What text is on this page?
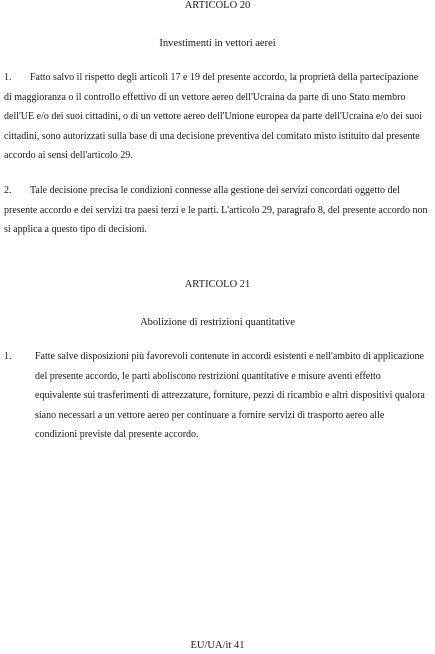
ARTICOLO 20
Investimenti in vettori aerei
1. Fatto salvo il rispetto degli articoli 17 e 19 del presente accordo, la proprietà della partecipazione di maggioranza o il controllo effettivo di un vettore aereo dell'Ucraina da parte di uno Stato membro dell'UE e/o dei suoi cittadini, o di un vettore aereo dell'Unione europea da parte dell'Ucraina e/o dei suoi cittadini, sono autorizzati sulla base di una decisione preventiva del comitato misto istituito dal presente accordo ai sensi dell'articolo 29.
2. Tale decisione precisa le condizioni connesse alla gestione dei servizi concordati oggetto del presente accordo e dei servizi tra paesi terzi e le parti. L'articolo 29, paragrafo 8, del presente accordo non si applica a questo tipo di decisioni.
ARTICOLO 21
Abolizione di restrizioni quantitative
1. Fatte salve disposizioni più favorevoli contenute in accordi esistenti e nell'ambito di applicazione del presente accordo, le parti aboliscono restrizioni quantitative e misure aventi effetto equivalente sui trasferimenti di attrezzature, forniture, pezzi di ricambio e altri dispositivi qualora siano necessari a un vettore aereo per continuare a fornire servizi di trasporto aereo alle condizioni previste dal presente accordo.
EU/UA/it 41
